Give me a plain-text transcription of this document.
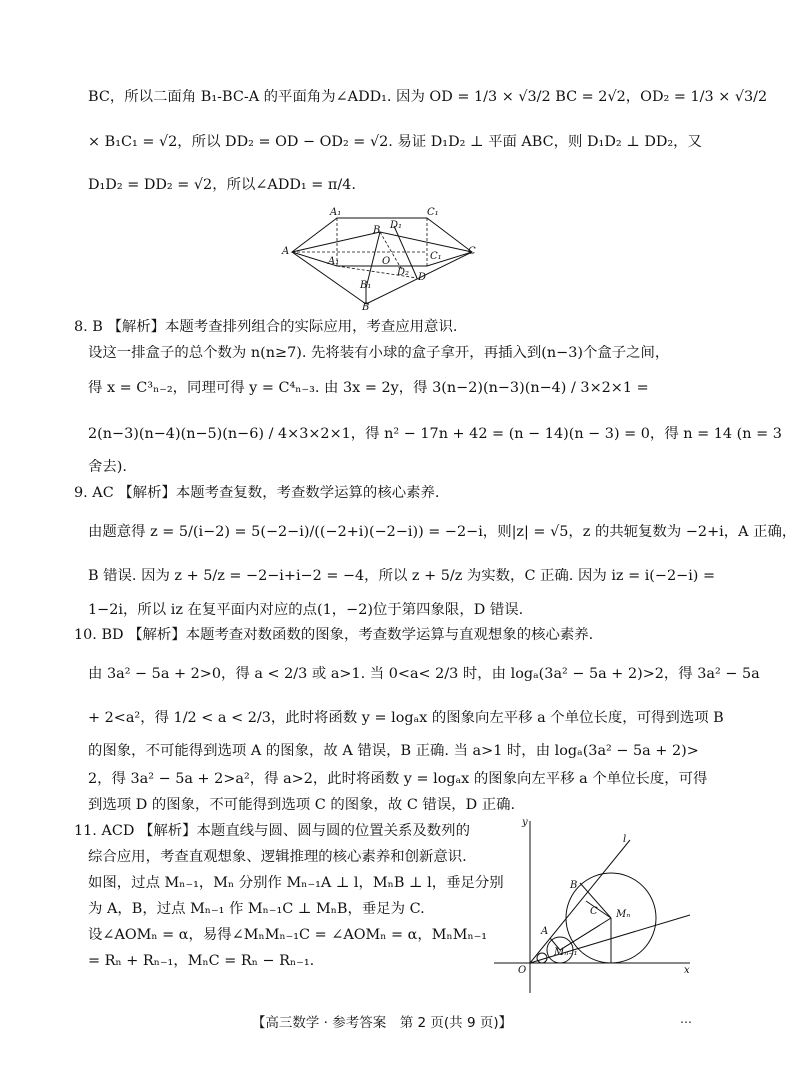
BC，所以二面角 B₁-BC-A 的平面角为∠ADD₁. 因为 OD = 1/3 × √3/2 BC = 2√2，OD₂ = 1/3 × √3/2
× B₁C₁ = √2，所以 DD₂ = OD − OD₂ = √2. 易证 D₁D₂ ⊥ 平面 ABC，则 D₁D₂ ⊥ DD₂，又
D₁D₂ = DD₂ = √2，所以∠ADD₁ = π/4.
A
A₁
B
C₁
D₁
O
C
A₁
B₁
D₂
C₁
D
B
8. B 【解析】本题考查排列组合的实际应用，考查应用意识.
设这一排盒子的总个数为 n(n≥7). 先将装有小球的盒子拿开，再插入到(n−3)个盒子之间，
得 x = C³ₙ₋₂，同理可得 y = C⁴ₙ₋₃. 由 3x = 2y，得 3(n−2)(n−3)(n−4) / 3×2×1 =
2(n−3)(n−4)(n−5)(n−6) / 4×3×2×1，得 n² − 17n + 42 = (n − 14)(n − 3) = 0，得 n = 14 (n = 3
舍去).
9. AC 【解析】本题考查复数，考查数学运算的核心素养.
由题意得 z = 5/(i−2) = 5(−2−i)/((−2+i)(−2−i)) = −2−i，则|z| = √5，z 的共轭复数为 −2+i，A 正确，
B 错误. 因为 z + 5/z = −2−i+i−2 = −4，所以 z + 5/z 为实数，C 正确. 因为 iz = i(−2−i) =
1−2i，所以 iz 在复平面内对应的点(1，−2)位于第四象限，D 错误.
10. BD 【解析】本题考查对数函数的图象，考查数学运算与直观想象的核心素养.
由 3a² − 5a + 2>0，得 a < 2/3 或 a>1. 当 0<a< 2/3 时，由 logₐ(3a² − 5a + 2)>2，得 3a² − 5a
+ 2<a²，得 1/2 < a < 2/3，此时将函数 y = logₐx 的图象向左平移 a 个单位长度，可得到选项 B
的图象，不可能得到选项 A 的图象，故 A 错误，B 正确. 当 a>1 时，由 logₐ(3a² − 5a + 2)>
2，得 3a² − 5a + 2>a²，得 a>2，此时将函数 y = logₐx 的图象向左平移 a 个单位长度，可得
到选项 D 的图象，不可能得到选项 C 的图象，故 C 错误，D 正确.
11. ACD 【解析】本题直线与圆、圆与圆的位置关系及数列的
综合应用，考查直观想象、逻辑推理的核心素养和创新意识.
如图，过点 Mₙ₋₁，Mₙ 分别作 Mₙ₋₁A ⊥ l，MₙB ⊥ l，垂足分别
为 A，B，过点 Mₙ₋₁ 作 Mₙ₋₁C ⊥ MₙB，垂足为 C.
设∠AOMₙ = α，易得∠MₙMₙ₋₁C = ∠AOMₙ = α，MₙMₙ₋₁
= Rₙ + Rₙ₋₁，MₙC = Rₙ − Rₙ₋₁.
y
l
B
C Mₙ
A
Mₙ₋₁
O	x
【高三数学 · 参考答案　第 2 页(共 9 页)】	…
